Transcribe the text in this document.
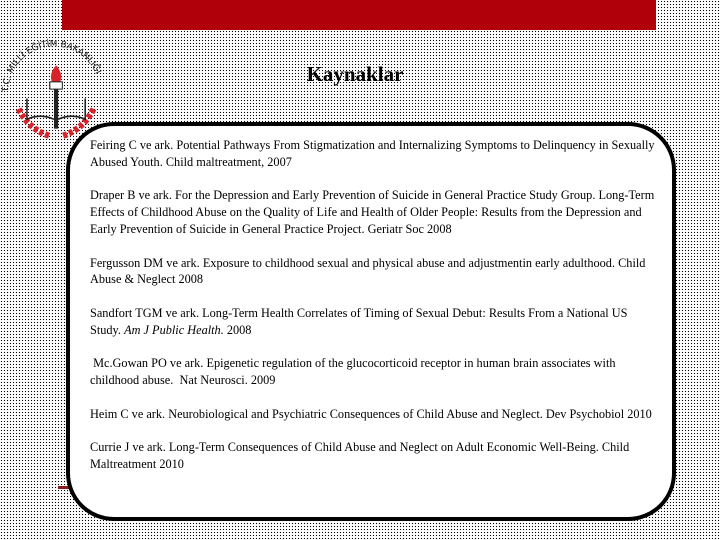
T.C. MİLLİ EĞİTİM BAKANLIĞI	Kaynaklar

Feiring C ve ark. Potential Pathways From Stigmatization and Internalizing Symptoms to Delinquency in Sexually Abused Youth. Child maltreatment, 2007

Draper B ve ark. For the Depression and Early Prevention of Suicide in General Practice Study Group. Long-Term Effects of Childhood Abuse on the Quality of Life and Health of Older People: Results from the Depression and Early Prevention of Suicide in General Practice Project. Geriatr Soc 2008

Fergusson DM ve ark. Exposure to childhood sexual and physical abuse and adjustmentin early adulthood. Child Abuse & Neglect 2008

Sandfort TGM ve ark. Long-Term Health Correlates of Timing of Sexual Debut: Results From a National US Study. Am J Public Health. 2008

Mc.Gowan PO ve ark. Epigenetic regulation of the glucocorticoid receptor in human brain associates with childhood abuse.  Nat Neurosci. 2009

Heim C ve ark. Neurobiological and Psychiatric Consequences of Child Abuse and Neglect. Dev Psychobiol 2010

Currie J ve ark. Long-Term Consequences of Child Abuse and Neglect on Adult Economic Well-Being. Child Maltreatment 2010
